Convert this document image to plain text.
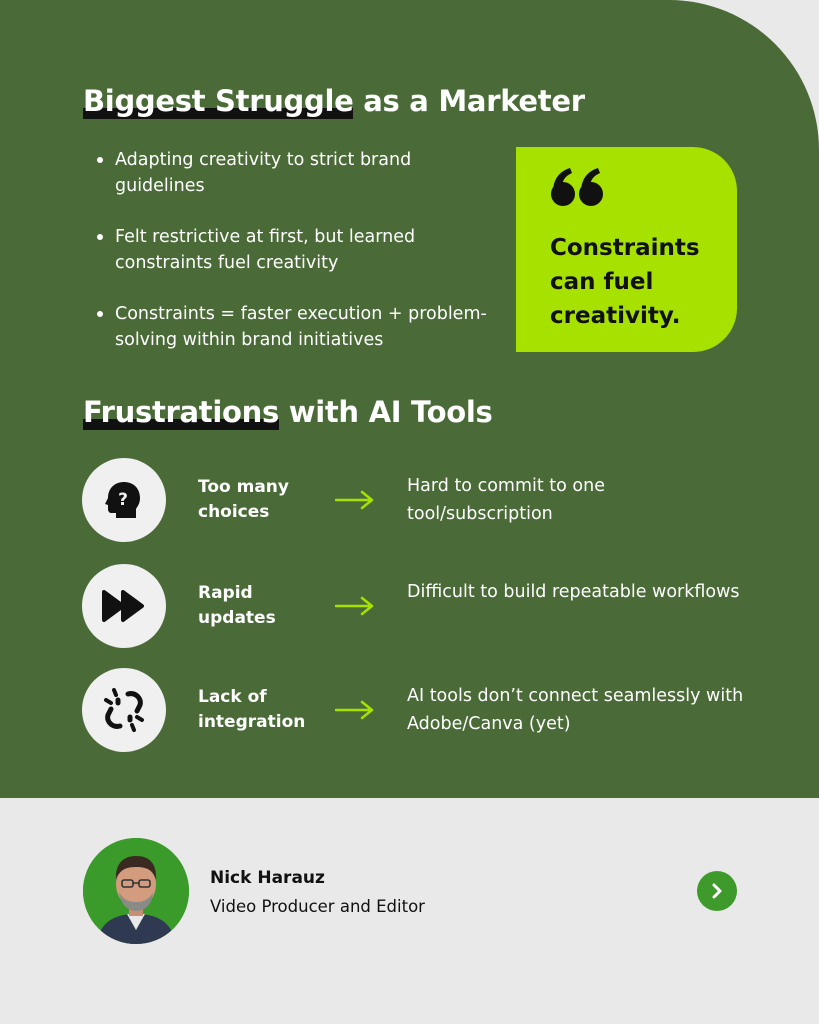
Biggest Struggle as a Marketer
Adapting creativity to strict brand guidelines
Felt restrictive at first, but learned constraints fuel creativity
Constraints = faster execution + problem-solving within brand initiatives

Constraints can fuel creativity.

Frustrations with AI Tools
?
Too many choices
Hard to commit to one tool/subscription
Rapid updates
Difficult to build repeatable workflows
Lack of integration
AI tools don’t connect seamlessly with Adobe/Canva (yet)
Nick Harauz
Video Producer and Editor
